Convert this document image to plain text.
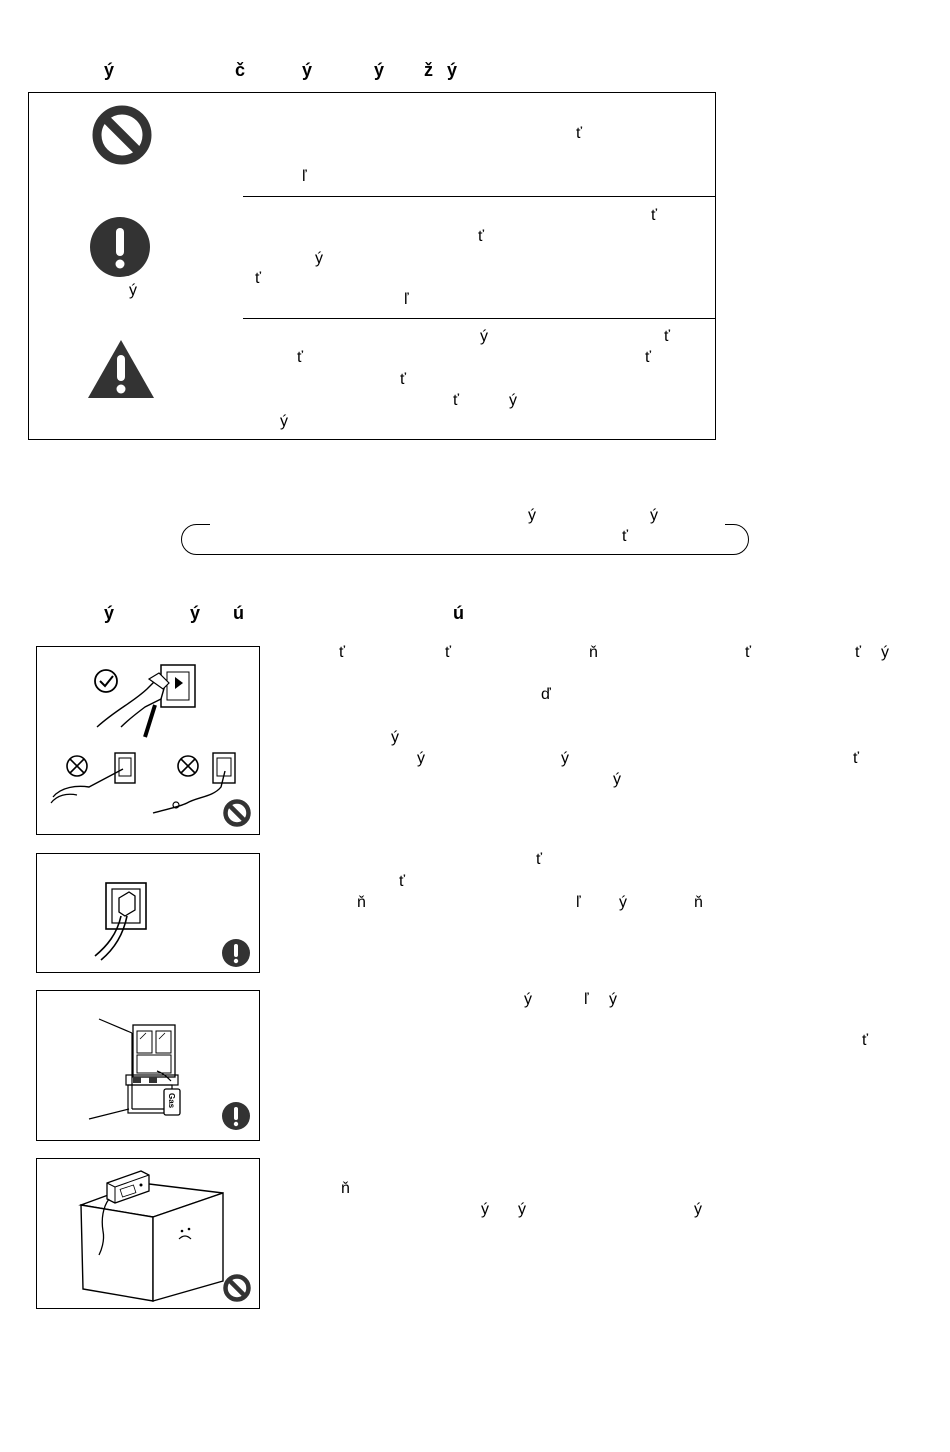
ý	č	ý	ý ž ý
ý
ť
ľ
ť
ť
ý
ť
ľ
ý	ť
ť	ť
ť
ť	ý
ý
ý	ý
ť
ý	ý ú	ú
ť	ť	ň	ť	ť ý
ď
ý
ý	ý	ť
ý
ť
ť
ň	ľ ý	ň
Gas
ý	ľ ý
ť
ň
ý ý	ý
